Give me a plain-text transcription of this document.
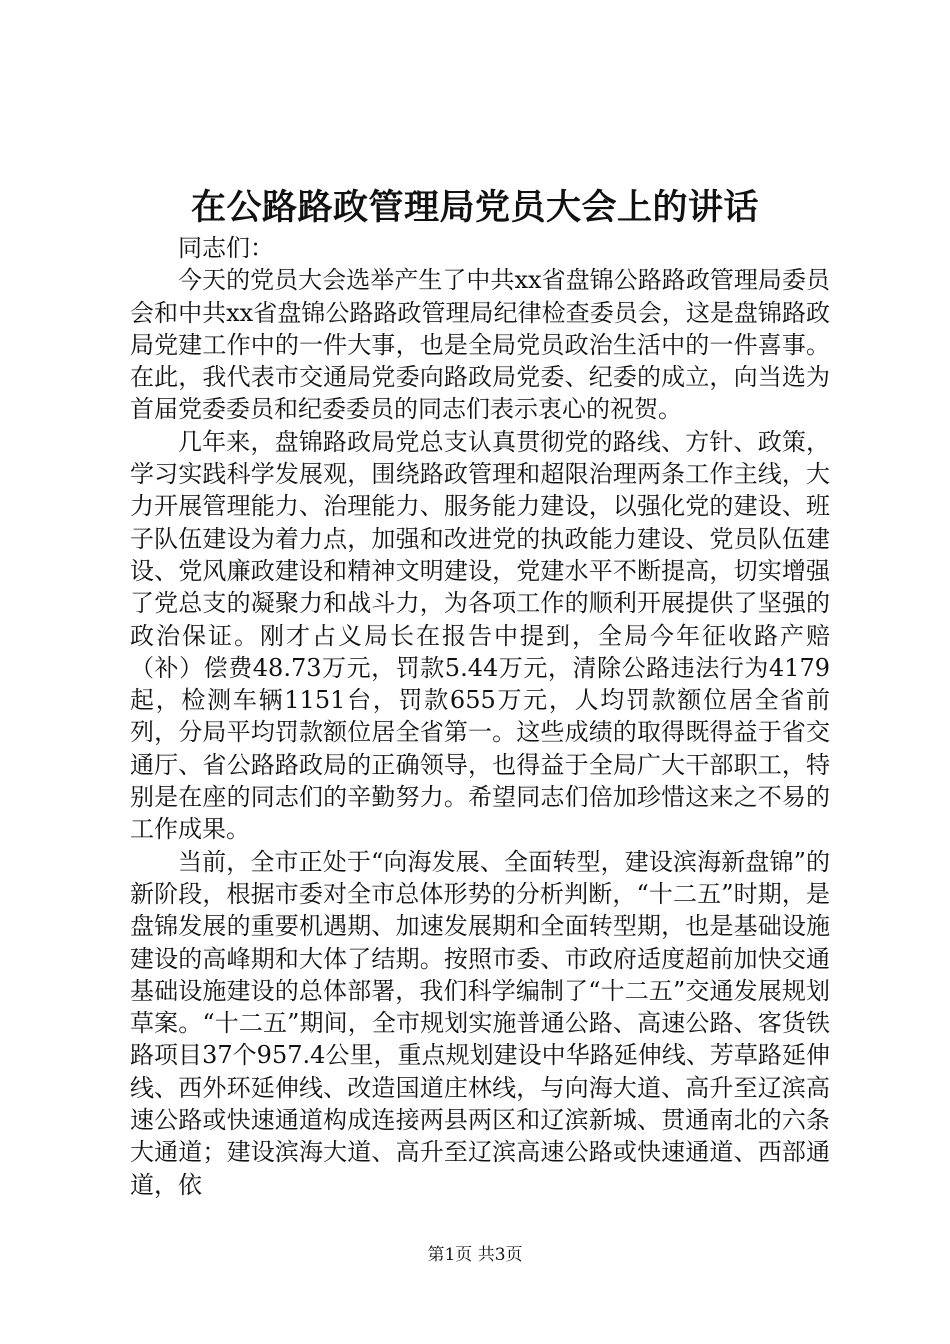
在公路路政管理局党员大会上的讲话

同志们：

今天的党员大会选举产生了中共xx省盘锦公路路政管理局委员会和中共xx省盘锦公路路政管理局纪律检查委员会，这是盘锦路政局党建工作中的一件大事，也是全局党员政治生活中的一件喜事。在此，我代表市交通局党委向路政局党委、纪委的成立，向当选为首届党委委员和纪委委员的同志们表示衷心的祝贺。

几年来，盘锦路政局党总支认真贯彻党的路线、方针、政策，学习实践科学发展观，围绕路政管理和超限治理两条工作主线，大力开展管理能力、治理能力、服务能力建设，以强化党的建设、班子队伍建设为着力点，加强和改进党的执政能力建设、党员队伍建设、党风廉政建设和精神文明建设，党建水平不断提高，切实增强了党总支的凝聚力和战斗力，为各项工作的顺利开展提供了坚强的政治保证。刚才占义局长在报告中提到，全局今年征收路产赔（补）偿费48.73万元，罚款5.44万元，清除公路违法行为4179起，检测车辆1151台，罚款655万元，人均罚款额位居全省前列，分局平均罚款额位居全省第一。这些成绩的取得既得益于省交通厅、省公路路政局的正确领导，也得益于全局广大干部职工，特别是在座的同志们的辛勤努力。希望同志们倍加珍惜这来之不易的工作成果。

当前，全市正处于“向海发展、全面转型，建设滨海新盘锦”的新阶段，根据市委对全市总体形势的分析判断，“十二五”时期，是盘锦发展的重要机遇期、加速发展期和全面转型期，也是基础设施建设的高峰期和大体了结期。按照市委、市政府适度超前加快交通基础设施建设的总体部署，我们科学编制了“十二五”交通发展规划草案。“十二五”期间，全市规划实施普通公路、高速公路、客货铁路项目37个957.4公里，重点规划建设中华路延伸线、芳草路延伸线、西外环延伸线、改造国道庄林线，与向海大道、高升至辽滨高速公路或快速通道构成连接两县两区和辽滨新城、贯通南北的六条大通道；建设滨海大道、高升至辽滨高速公路或快速通道、西部通道，依

第1页 共3页
